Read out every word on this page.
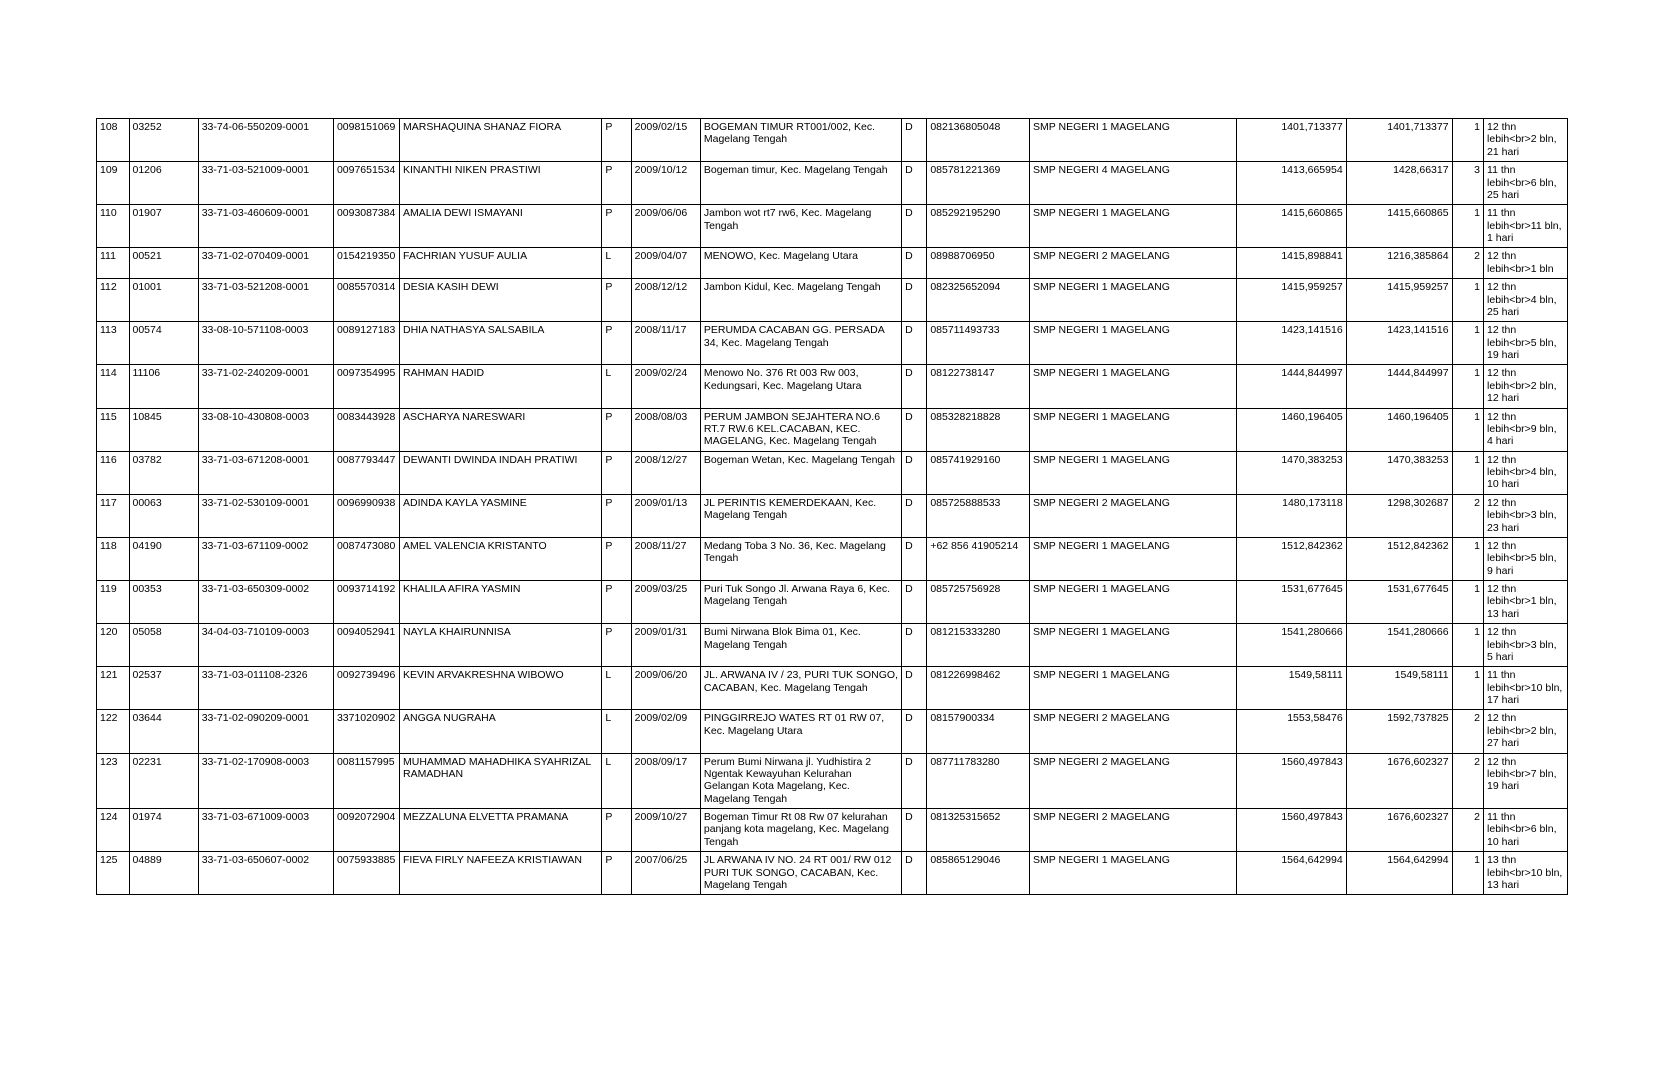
108	03252	33-74-06-550209-0001	0098151069	MARSHAQUINA SHANAZ FIORA	P	2009/02/15	BOGEMAN TIMUR RT001/002, Kec. Magelang Tengah	D	082136805048	SMP NEGERI 1 MAGELANG	1401,713377	1401,713377	1	12 thn lebih<br>2 bln, 21 hari
109	01206	33-71-03-521009-0001	0097651534	KINANTHI NIKEN PRASTIWI	P	2009/10/12	Bogeman timur, Kec. Magelang Tengah	D	085781221369	SMP NEGERI 4 MAGELANG	1413,665954	1428,66317	3	11 thn lebih<br>6 bln, 25 hari
110	01907	33-71-03-460609-0001	0093087384	AMALIA DEWI ISMAYANI	P	2009/06/06	Jambon wot rt7 rw6, Kec. Magelang Tengah	D	085292195290	SMP NEGERI 1 MAGELANG	1415,660865	1415,660865	1	11 thn lebih<br>11 bln, 1 hari
111	00521	33-71-02-070409-0001	0154219350	FACHRIAN YUSUF AULIA	L	2009/04/07	MENOWO, Kec. Magelang Utara	D	08988706950	SMP NEGERI 2 MAGELANG	1415,898841	1216,385864	2	12 thn lebih<br>1 bln
112	01001	33-71-03-521208-0001	0085570314	DESIA KASIH DEWI	P	2008/12/12	Jambon Kidul, Kec. Magelang Tengah	D	082325652094	SMP NEGERI 1 MAGELANG	1415,959257	1415,959257	1	12 thn lebih<br>4 bln, 25 hari
113	00574	33-08-10-571108-0003	0089127183	DHIA NATHASYA SALSABILA	P	2008/11/17	PERUMDA CACABAN GG. PERSADA 34, Kec. Magelang Tengah	D	085711493733	SMP NEGERI 1 MAGELANG	1423,141516	1423,141516	1	12 thn lebih<br>5 bln, 19 hari
114	11106	33-71-02-240209-0001	0097354995	RAHMAN HADID	L	2009/02/24	Menowo No. 376 Rt 003 Rw 003, Kedungsari, Kec. Magelang Utara	D	08122738147	SMP NEGERI 1 MAGELANG	1444,844997	1444,844997	1	12 thn lebih<br>2 bln, 12 hari
115	10845	33-08-10-430808-0003	0083443928	ASCHARYA NARESWARI	P	2008/08/03	PERUM JAMBON SEJAHTERA NO.6 RT.7 RW.6 KEL.CACABAN, KEC. MAGELANG, Kec. Magelang Tengah	D	085328218828	SMP NEGERI 1 MAGELANG	1460,196405	1460,196405	1	12 thn lebih<br>9 bln, 4 hari
116	03782	33-71-03-671208-0001	0087793447	DEWANTI DWINDA INDAH PRATIWI	P	2008/12/27	Bogeman Wetan, Kec. Magelang Tengah	D	085741929160	SMP NEGERI 1 MAGELANG	1470,383253	1470,383253	1	12 thn lebih<br>4 bln, 10 hari
117	00063	33-71-02-530109-0001	0096990938	ADINDA KAYLA YASMINE	P	2009/01/13	JL PERINTIS KEMERDEKAAN, Kec. Magelang Tengah	D	085725888533	SMP NEGERI 2 MAGELANG	1480,173118	1298,302687	2	12 thn lebih<br>3 bln, 23 hari
118	04190	33-71-03-671109-0002	0087473080	AMEL VALENCIA KRISTANTO	P	2008/11/27	Medang Toba 3 No. 36, Kec. Magelang Tengah	D	+62 856 41905214	SMP NEGERI 1 MAGELANG	1512,842362	1512,842362	1	12 thn lebih<br>5 bln, 9 hari
119	00353	33-71-03-650309-0002	0093714192	KHALILA AFIRA YASMIN	P	2009/03/25	Puri Tuk Songo Jl. Arwana Raya 6, Kec. Magelang Tengah	D	085725756928	SMP NEGERI 1 MAGELANG	1531,677645	1531,677645	1	12 thn lebih<br>1 bln, 13 hari
120	05058	34-04-03-710109-0003	0094052941	NAYLA KHAIRUNNISA	P	2009/01/31	Bumi Nirwana Blok Bima 01, Kec. Magelang Tengah	D	081215333280	SMP NEGERI 1 MAGELANG	1541,280666	1541,280666	1	12 thn lebih<br>3 bln, 5 hari
121	02537	33-71-03-011108-2326	0092739496	KEVIN ARVAKRESHNA WIBOWO	L	2009/06/20	JL. ARWANA IV / 23, PURI TUK SONGO, CACABAN, Kec. Magelang Tengah	D	081226998462	SMP NEGERI 1 MAGELANG	1549,58111	1549,58111	1	11 thn lebih<br>10 bln, 17 hari
122	03644	33-71-02-090209-0001	3371020902	ANGGA NUGRAHA	L	2009/02/09	PINGGIRREJO WATES RT 01 RW 07, Kec. Magelang Utara	D	08157900334	SMP NEGERI 2 MAGELANG	1553,58476	1592,737825	2	12 thn lebih<br>2 bln, 27 hari
123	02231	33-71-02-170908-0003	0081157995	MUHAMMAD MAHADHIKA SYAHRIZAL RAMADHAN	L	2008/09/17	Perum Bumi Nirwana jl. Yudhistira 2 Ngentak Kewayuhan Kelurahan Gelangan Kota Magelang, Kec. Magelang Tengah	D	087711783280	SMP NEGERI 2 MAGELANG	1560,497843	1676,602327	2	12 thn lebih<br>7 bln, 19 hari
124	01974	33-71-03-671009-0003	0092072904	MEZZALUNA ELVETTA PRAMANA	P	2009/10/27	Bogeman Timur Rt 08 Rw 07 kelurahan panjang kota magelang, Kec. Magelang Tengah	D	081325315652	SMP NEGERI 2 MAGELANG	1560,497843	1676,602327	2	11 thn lebih<br>6 bln, 10 hari
125	04889	33-71-03-650607-0002	0075933885	FIEVA FIRLY NAFEEZA KRISTIAWAN	P	2007/06/25	JL ARWANA IV NO. 24 RT 001/ RW 012 PURI TUK SONGO, CACABAN, Kec. Magelang Tengah	D	085865129046	SMP NEGERI 1 MAGELANG	1564,642994	1564,642994	1	13 thn lebih<br>10 bln, 13 hari
